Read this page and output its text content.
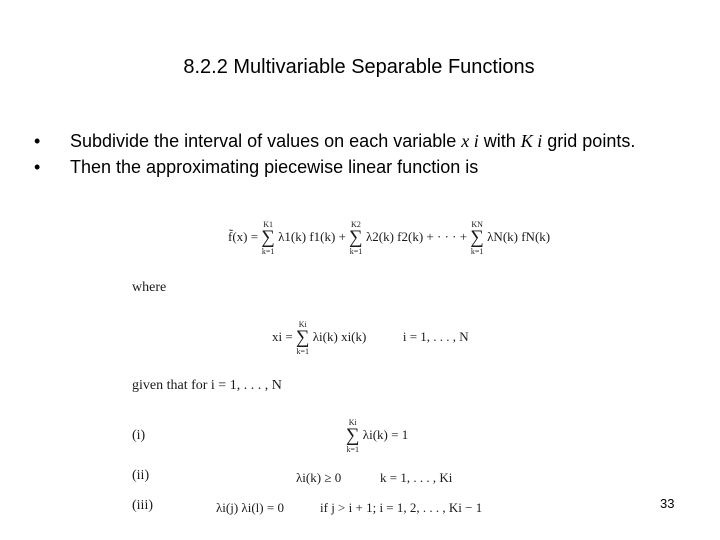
8.2.2 Multivariable Separable Functions
• Subdivide the interval of values on each variable x i with K i grid points.
• Then the approximating piecewise linear function is
f̃(x) = K1
∑
k=1 λ1(k) f1(k) + K2
∑
k=1 λ2(k) f2(k) + · · · + KN
∑
k=1 λN(k) fN(k)
where
xi = Ki
∑
k=1 λi(k) xi(k)	i = 1, . . . , N
given that for i = 1, . . . , N
(i)
Ki
∑
k=1 λi(k) = 1
(ii)	λi(k) ≥ 0	k = 1, . . . , Ki
(iii)	λi(j) λi(l) = 0	if j > i + 1; i = 1, 2, . . . , Ki − 1	33
